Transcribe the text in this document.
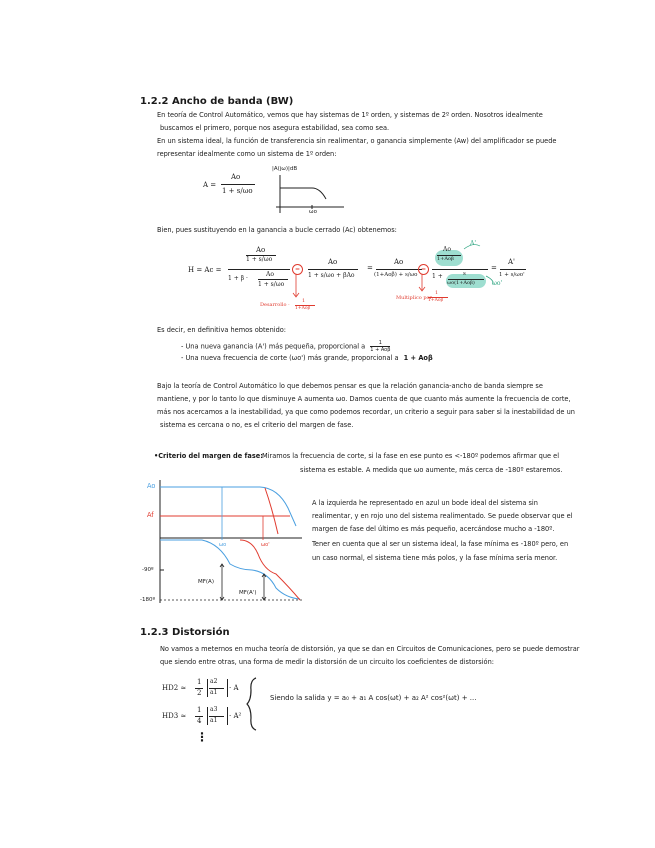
1.2.2 Ancho de banda (BW)
En teoría de Control Automático, vemos que hay sistemas de 1º orden, y sistemas de 2º orden. Nosotros idealmente
buscamos el primero, porque nos asegura estabilidad, sea como sea.
En un sistema ideal, la función de transferencia sin realimentar, o ganancia simplemente (Aw) del amplificador se puede
representar idealmente como un sistema de 1º orden:
A =
Ao
1 + s/ωo
|A(jω)|dB
ωo
Bien, pues sustituyendo en la ganancia a bucle cerrado (Ac) obtenemos:
H = Ac =
Ao
1 + s/ωo
1 + β ·
Ao
1 + s/ωo
=
Ao
1 + s/ωo + βAo
=
Ao
(1+Aoβ) + s/ωo
=
Ao
1+Aoβ
1 +	s
ωo(1+Aoβ)
=
A'
1 + s/ωo'
A'
ωo'
Desarrollo ·
1
1+Aoβ
Multiplico por
1
1+Aoβ
Es decir, en definitiva hemos obtenido:
- Una nueva ganancia (A') más pequeña, proporcional a	1
1 + Aoβ
- Una nueva frecuencia de corte (ωo') más grande, proporcional a 1 + Aoβ
Bajo la teoría de Control Automático lo que debemos pensar es que la relación ganancia-ancho de banda siempre se
mantiene, y por lo tanto lo que disminuye A aumenta ωo. Damos cuenta de que cuanto más aumente la frecuencia de corte,
más nos acercamos a la inestabilidad, ya que como podemos recordar, un criterio a seguir para saber si la inestabilidad de un
sistema es cercana o no, es el criterio del margen de fase.
•Criterio del margen de fase: Miramos la frecuencia de corte, si la fase en ese punto es <-180º podemos afirmar que el
sistema es estable. A medida que ωo aumente, más cerca de -180º estaremos.
Ao
Af
ωo	ωo'
-90º
-180º
MF(A)
MF(A')
A la izquierda he representado en azul un bode ideal del sistema sin
realimentar, y en rojo uno del sistema realimentado. Se puede observar que el
margen de fase del último es más pequeño, acercándose mucho a -180º.
Tener en cuenta que al ser un sistema ideal, la fase mínima es -180º pero, en
un caso normal, el sistema tiene más polos, y la fase mínima sería menor.
1.2.3 Distorsión
No vamos a meternos en mucha teoría de distorsión, ya que se dan en Circuitos de Comunicaciones, pero se puede demostrar
que siendo entre otras, una forma de medir la distorsión de un circuito los coeficientes de distorsión:
HD2 ≈
1
2
a2
a1
· A
HD3 ≈
1
4
a3
a1
· A²
⋮
Siendo la salida y = a₀ + a₁ A cos(ωt) + a₂ A² cos²(ωt) + ...
